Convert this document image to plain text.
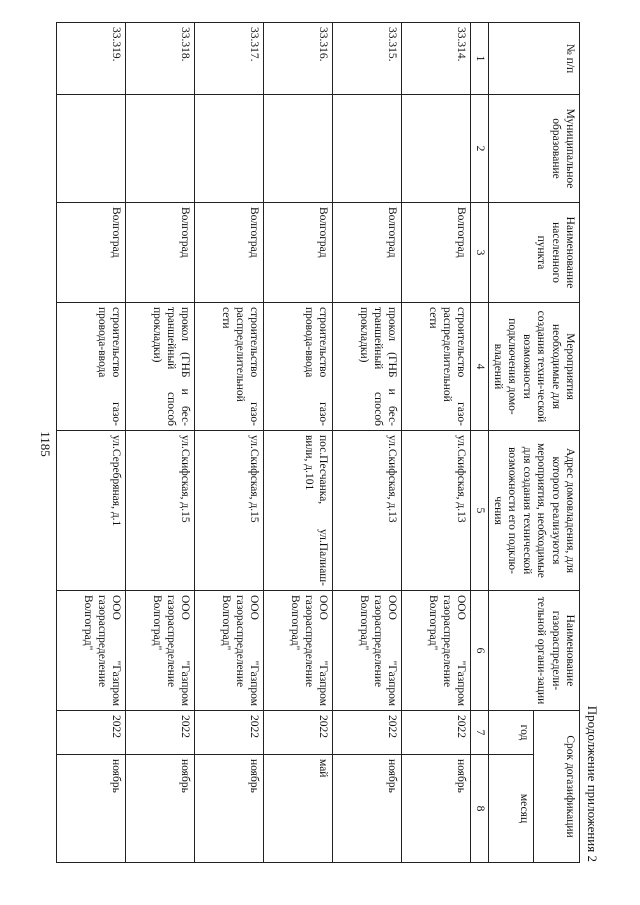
1185
Продолжение приложения 2
№ п/п	Муниципальное образование	Наименование населенного пункта	Мероприятия необходимые для создания техни-ческой возможности подключения домо-владений	Адрес домовладения, для которого реализуются мероприятия, необходимые для создания технической возможности его подклю-чения	Наименование газораспредели-тельной органи-зации	Срок догазификации	
						год	месяц
1	2	3	4	5	6	7	8
33.314.		Волгоград	строительство газо-распределительной сети	ул.Скифская, д.13	ООО "Газпром газораспределение Волгоград"	2022	ноябрь
33.315.		Волгоград	прокол (ГНБ и бес-траншейный способ прокладки)	ул.Скифская, д.13	ООО "Газпром газораспределение Волгоград"	2022	ноябрь
33.316.		Волгоград	строительство газо-провода-ввода	пос.Песчанка, ул.Палиаш-вили, д.101	ООО "Газпром газораспределение Волгоград"	2022	май
33.317.		Волгоград	строительство газо-распределительной сети	ул.Скифская, д.15	ООО "Газпром газораспределение Волгоград"	2022	ноябрь
33.318.		Волгоград	прокол (ГНБ и бес-траншейный способ прокладки)	ул.Скифская, д.15	ООО "Газпром газораспределение Волгоград"	2022	ноябрь
33.319.		Волгоград	строительство газо-провода-ввода	ул.Серебряная, д.1	ООО "Газпром газораспределение Волгоград"	2022	ноябрь
